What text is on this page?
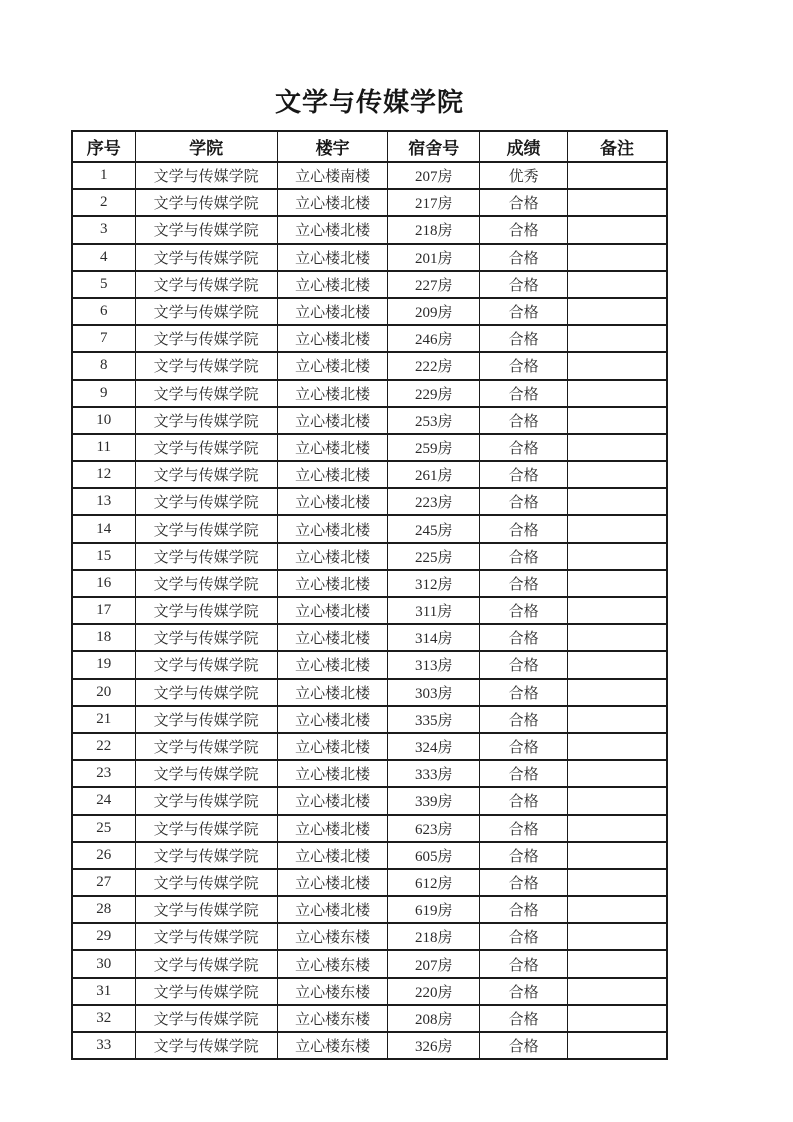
文学与传媒学院
序号	学院	楼宇	宿舍号	成绩	备注
1	文学与传媒学院	立心楼南楼	207房	优秀	
2	文学与传媒学院	立心楼北楼	217房	合格	
3	文学与传媒学院	立心楼北楼	218房	合格	
4	文学与传媒学院	立心楼北楼	201房	合格	
5	文学与传媒学院	立心楼北楼	227房	合格	
6	文学与传媒学院	立心楼北楼	209房	合格	
7	文学与传媒学院	立心楼北楼	246房	合格	
8	文学与传媒学院	立心楼北楼	222房	合格	
9	文学与传媒学院	立心楼北楼	229房	合格	
10	文学与传媒学院	立心楼北楼	253房	合格	
11	文学与传媒学院	立心楼北楼	259房	合格	
12	文学与传媒学院	立心楼北楼	261房	合格	
13	文学与传媒学院	立心楼北楼	223房	合格	
14	文学与传媒学院	立心楼北楼	245房	合格	
15	文学与传媒学院	立心楼北楼	225房	合格	
16	文学与传媒学院	立心楼北楼	312房	合格	
17	文学与传媒学院	立心楼北楼	311房	合格	
18	文学与传媒学院	立心楼北楼	314房	合格	
19	文学与传媒学院	立心楼北楼	313房	合格	
20	文学与传媒学院	立心楼北楼	303房	合格	
21	文学与传媒学院	立心楼北楼	335房	合格	
22	文学与传媒学院	立心楼北楼	324房	合格	
23	文学与传媒学院	立心楼北楼	333房	合格	
24	文学与传媒学院	立心楼北楼	339房	合格	
25	文学与传媒学院	立心楼北楼	623房	合格	
26	文学与传媒学院	立心楼北楼	605房	合格	
27	文学与传媒学院	立心楼北楼	612房	合格	
28	文学与传媒学院	立心楼北楼	619房	合格	
29	文学与传媒学院	立心楼东楼	218房	合格	
30	文学与传媒学院	立心楼东楼	207房	合格	
31	文学与传媒学院	立心楼东楼	220房	合格	
32	文学与传媒学院	立心楼东楼	208房	合格	
33	文学与传媒学院	立心楼东楼	326房	合格	
